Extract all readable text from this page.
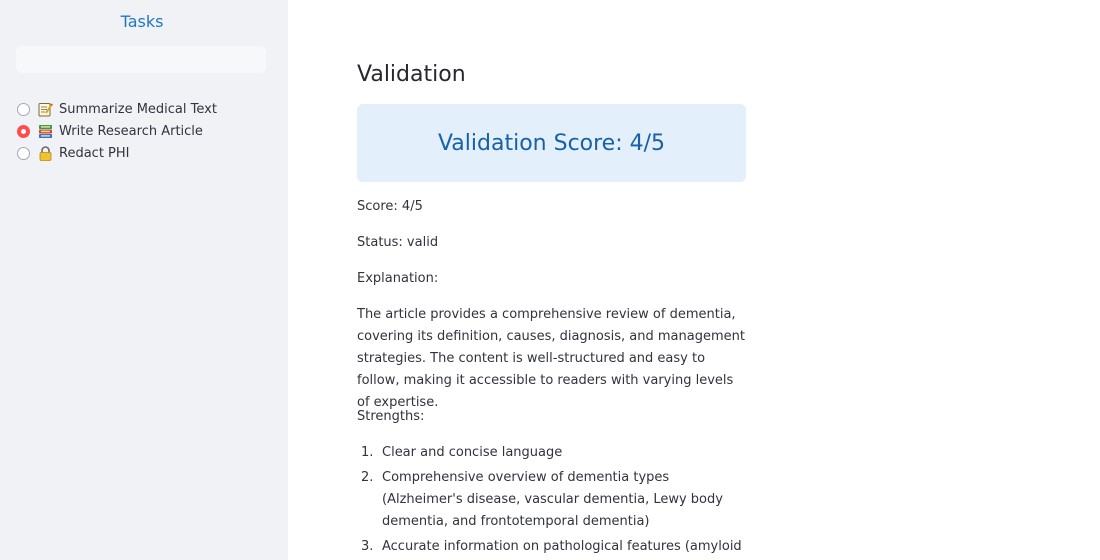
Tasks
Summarize Medical Text
Write Research Article
Redact PHI
Validation
Validation Score: 4/5

Score: 4/5

Status: valid

Explanation:

The article provides a comprehensive review of dementia, covering its definition, causes, diagnosis, and management strategies. The content is well-structured and easy to follow, making it accessible to readers with varying levels of expertise.

Strengths:

1. Clear and concise language
2. Comprehensive overview of dementia types (Alzheimer's disease, vascular dementia, Lewy body dementia, and frontotemporal dementia)
3. Accurate information on pathological features (amyloid
